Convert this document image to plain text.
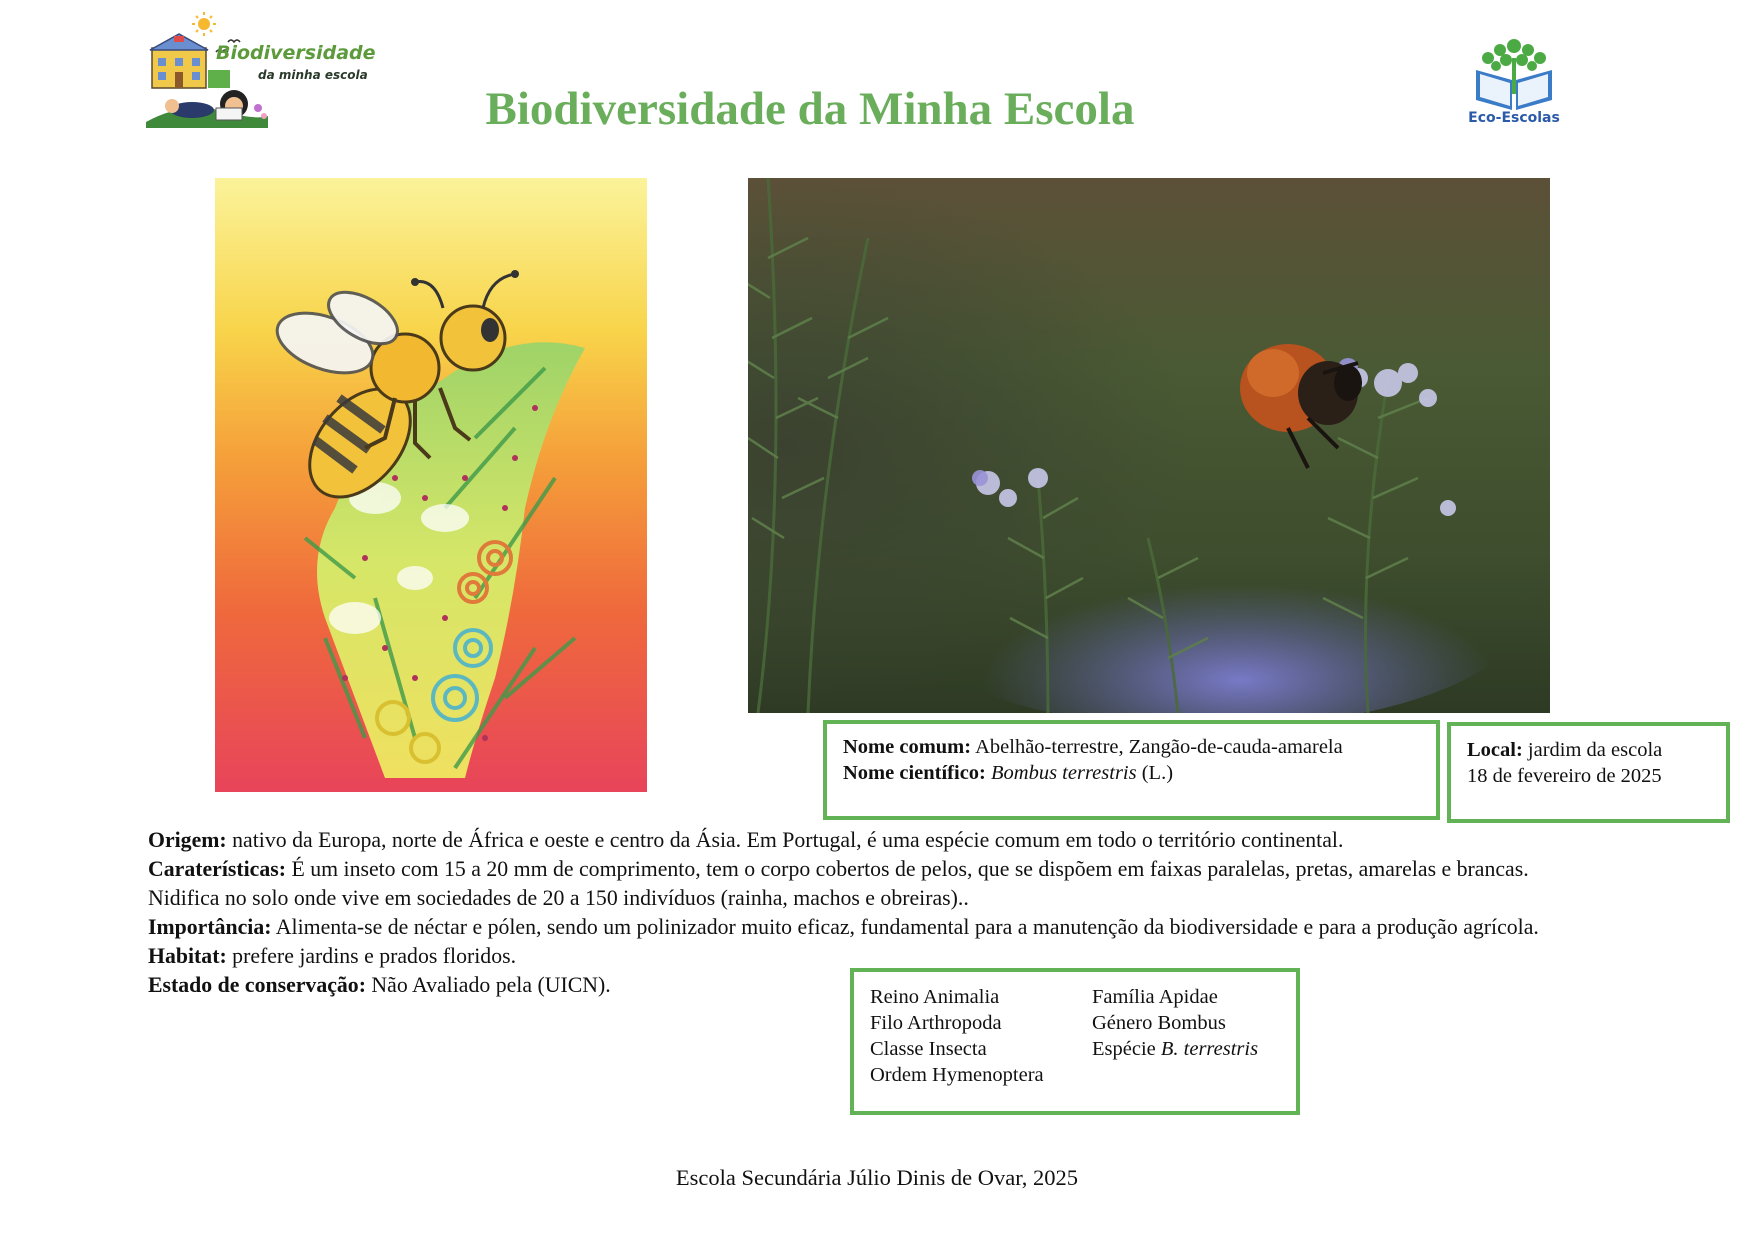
Biodiversidade
da minha escola
Biodiversidade da Minha Escola	Eco-Escolas
Nome comum: Abelhão-terrestre, Zangão-de-cauda-amarela
Nome científico: Bombus terrestris (L.)
Local: jardim da escola
18 de fevereiro de 2025

Origem: nativo da Europa, norte de África e oeste e centro da Ásia. Em Portugal, é uma espécie comum em todo o território continental.

Caraterísticas: É um inseto com 15 a 20 mm de comprimento, tem o corpo cobertos de pelos, que se dispõem em faixas paralelas, pretas, amarelas e brancas. Nidifica no solo onde vive em sociedades de 20 a 150 indivíduos (rainha, machos e obreiras)..

Importância: Alimenta-se de néctar e pólen, sendo um polinizador muito eficaz, fundamental para a manutenção da biodiversidade e para a produção agrícola.

Habitat: prefere jardins e prados floridos.

Estado de conservação: Não Avaliado pela (UICN).	Reino Animalia	Família Apidae
Filo Arthropoda	Género Bombus
Classe Insecta	Espécie B. terrestris
Ordem Hymenoptera
Escola Secundária Júlio Dinis de Ovar, 2025
